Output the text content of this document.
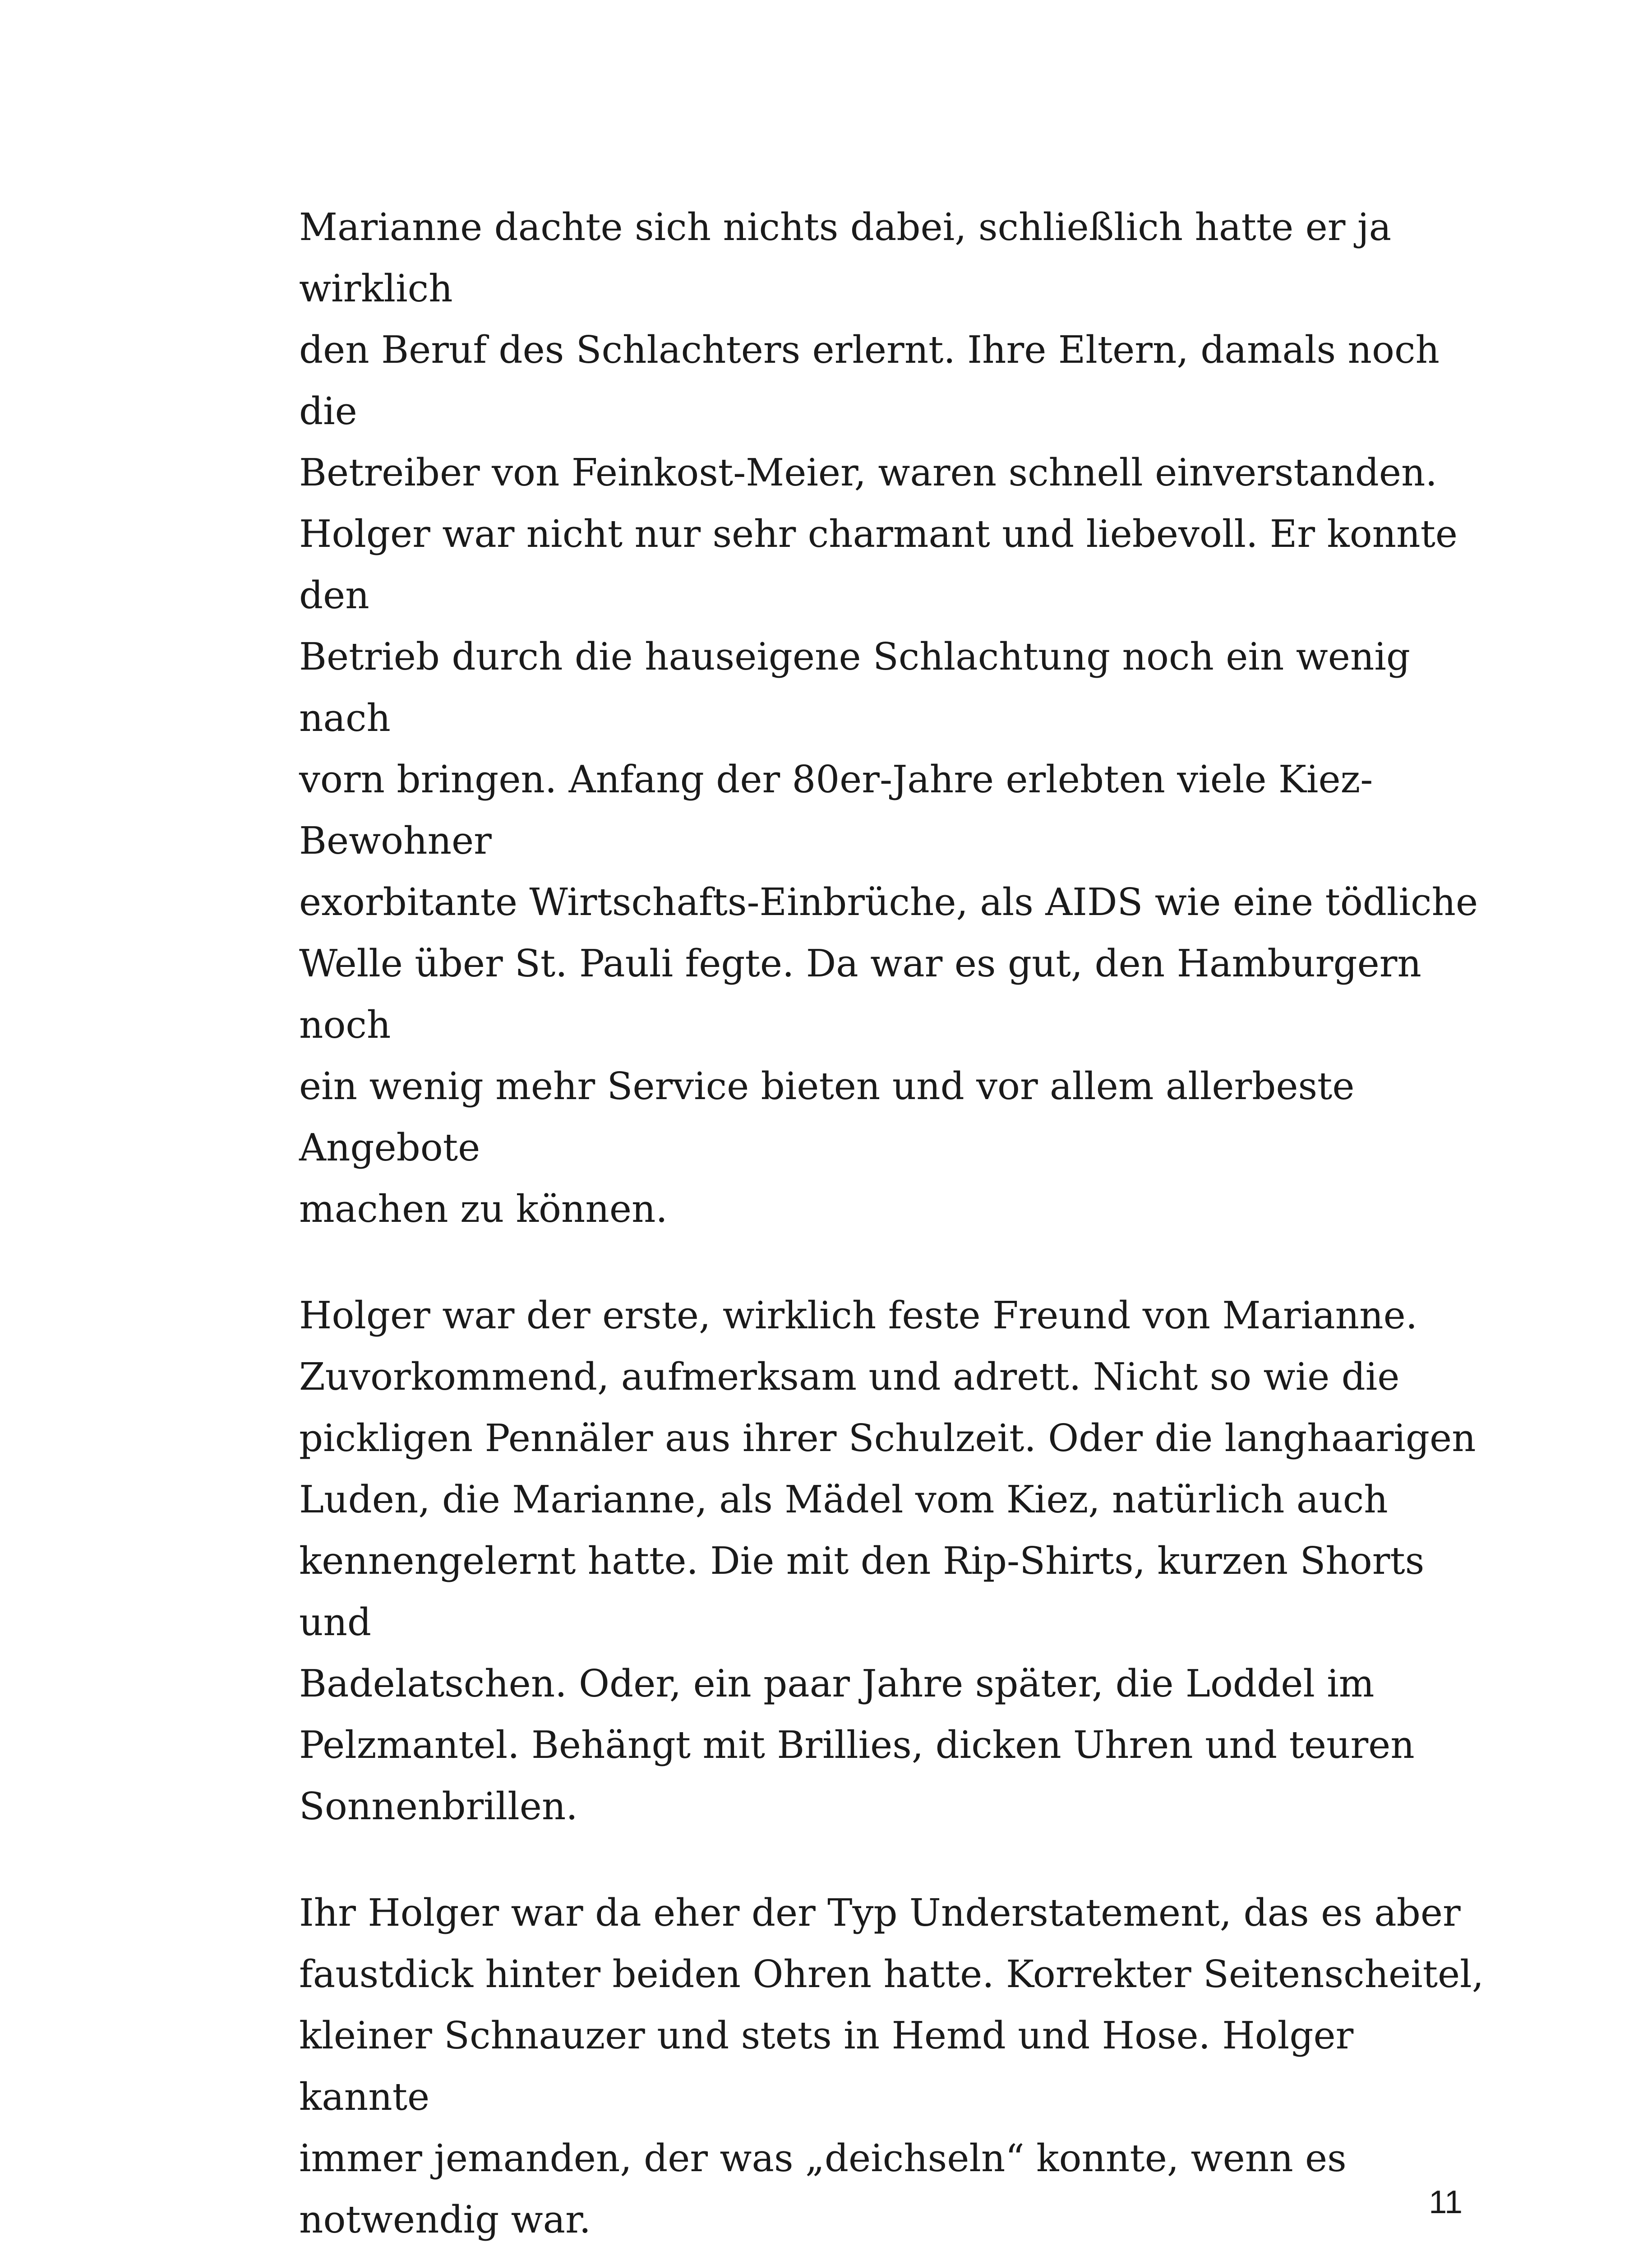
Marianne dachte sich nichts dabei, schließlich hatte er ja wirklich
den Beruf des Schlachters erlernt. Ihre Eltern, damals noch die
Betreiber von Feinkost-Meier, waren schnell einverstanden.
Holger war nicht nur sehr charmant und liebevoll. Er konnte den
Betrieb durch die hauseigene Schlachtung noch ein wenig nach
vorn bringen. Anfang der 80er-Jahre erlebten viele Kiez-Bewohner
exorbitante Wirtschafts-Einbrüche, als AIDS wie eine tödliche
Welle über St. Pauli fegte. Da war es gut, den Hamburgern noch
ein wenig mehr Service bieten und vor allem allerbeste Angebote
machen zu können.

Holger war der erste, wirklich feste Freund von Marianne.
Zuvorkommend, aufmerksam und adrett. Nicht so wie die
pickligen Pennäler aus ihrer Schulzeit. Oder die langhaarigen
Luden, die Marianne, als Mädel vom Kiez, natürlich auch
kennengelernt hatte. Die mit den Rip-Shirts, kurzen Shorts und
Badelatschen. Oder, ein paar Jahre später, die Loddel im
Pelzmantel. Behängt mit Brillies, dicken Uhren und teuren
Sonnenbrillen.

Ihr Holger war da eher der Typ Understatement, das es aber
faustdick hinter beiden Ohren hatte. Korrekter Seitenscheitel,
kleiner Schnauzer und stets in Hemd und Hose. Holger kannte
immer jemanden, der was „deichseln“ konnte, wenn es
notwendig war.	11
